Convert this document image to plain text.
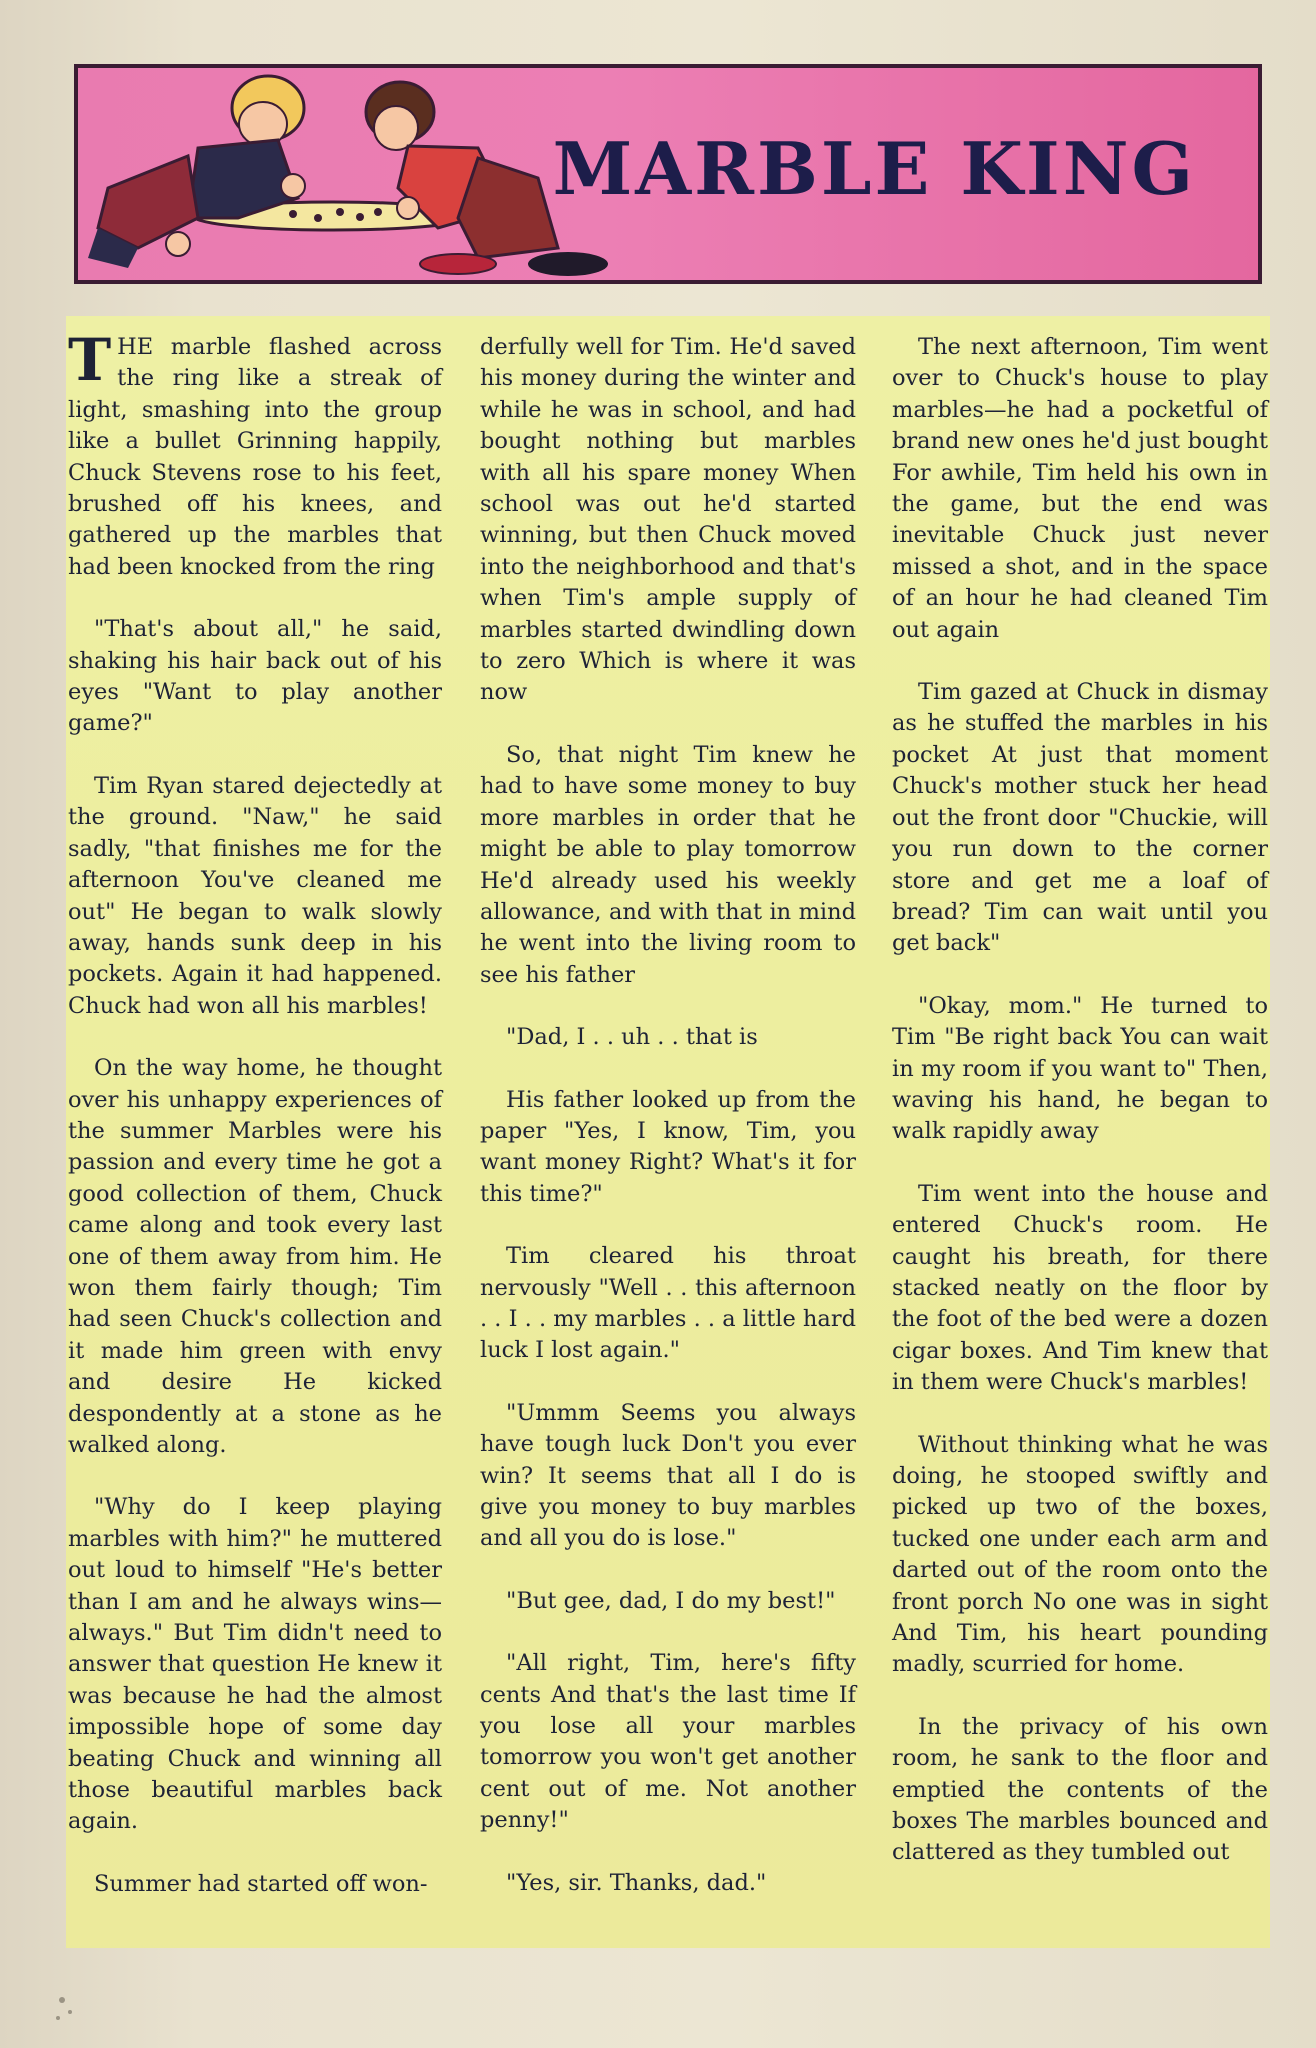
MARBLE KING

THE marble flashed across the ring like a streak of light, smashing into the group like a bullet Grinning happily, Chuck Stevens rose to his feet, brushed off his knees, and gathered up the marbles that had been knocked from the ring

"That's about all," he said, shaking his hair back out of his eyes "Want to play another game?"

Tim Ryan stared dejectedly at the ground. "Naw," he said sadly, "that finishes me for the afternoon You've cleaned me out" He began to walk slowly away, hands sunk deep in his pockets. Again it had happened. Chuck had won all his marbles!

On the way home, he thought over his unhappy experiences of the summer Marbles were his passion and every time he got a good collection of them, Chuck came along and took every last one of them away from him. He won them fairly though; Tim had seen Chuck's collection and it made him green with envy and desire He kicked despondently at a stone as he walked along.

"Why do I keep playing marbles with him?" he muttered out loud to himself "He's better than I am and he always wins—always." But Tim didn't need to answer that question He knew it was because he had the almost impossible hope of some day beating Chuck and winning all those beautiful marbles back again.

Summer had started off won-

derfully well for Tim. He'd saved his money during the winter and while he was in school, and had bought nothing but marbles with all his spare money When school was out he'd started winning, but then Chuck moved into the neighborhood and that's when Tim's ample supply of marbles started dwindling down to zero Which is where it was now

So, that night Tim knew he had to have some money to buy more marbles in order that he might be able to play tomorrow He'd already used his weekly allowance, and with that in mind he went into the living room to see his father

"Dad, I . . uh . . that is

His father looked up from the paper "Yes, I know, Tim, you want money Right? What's it for this time?"

Tim cleared his throat nervously "Well . . this afternoon . . I . . my marbles . . a little hard luck I lost again."

"Ummm Seems you always have tough luck Don't you ever win? It seems that all I do is give you money to buy marbles and all you do is lose."

"But gee, dad, I do my best!"

"All right, Tim, here's fifty cents And that's the last time If you lose all your marbles tomorrow you won't get another cent out of me. Not another penny!"

"Yes, sir. Thanks, dad."

The next afternoon, Tim went over to Chuck's house to play marbles—he had a pocketful of brand new ones he'd just bought For awhile, Tim held his own in the game, but the end was inevitable Chuck just never missed a shot, and in the space of an hour he had cleaned Tim out again

Tim gazed at Chuck in dismay as he stuffed the marbles in his pocket At just that moment Chuck's mother stuck her head out the front door "Chuckie, will you run down to the corner store and get me a loaf of bread? Tim can wait until you get back"

"Okay, mom." He turned to Tim "Be right back You can wait in my room if you want to" Then, waving his hand, he began to walk rapidly away

Tim went into the house and entered Chuck's room. He caught his breath, for there stacked neatly on the floor by the foot of the bed were a dozen cigar boxes. And Tim knew that in them were Chuck's marbles!

Without thinking what he was doing, he stooped swiftly and picked up two of the boxes, tucked one under each arm and darted out of the room onto the front porch No one was in sight And Tim, his heart pounding madly, scurried for home.

In the privacy of his own room, he sank to the floor and emptied the contents of the boxes The marbles bounced and clattered as they tumbled out
